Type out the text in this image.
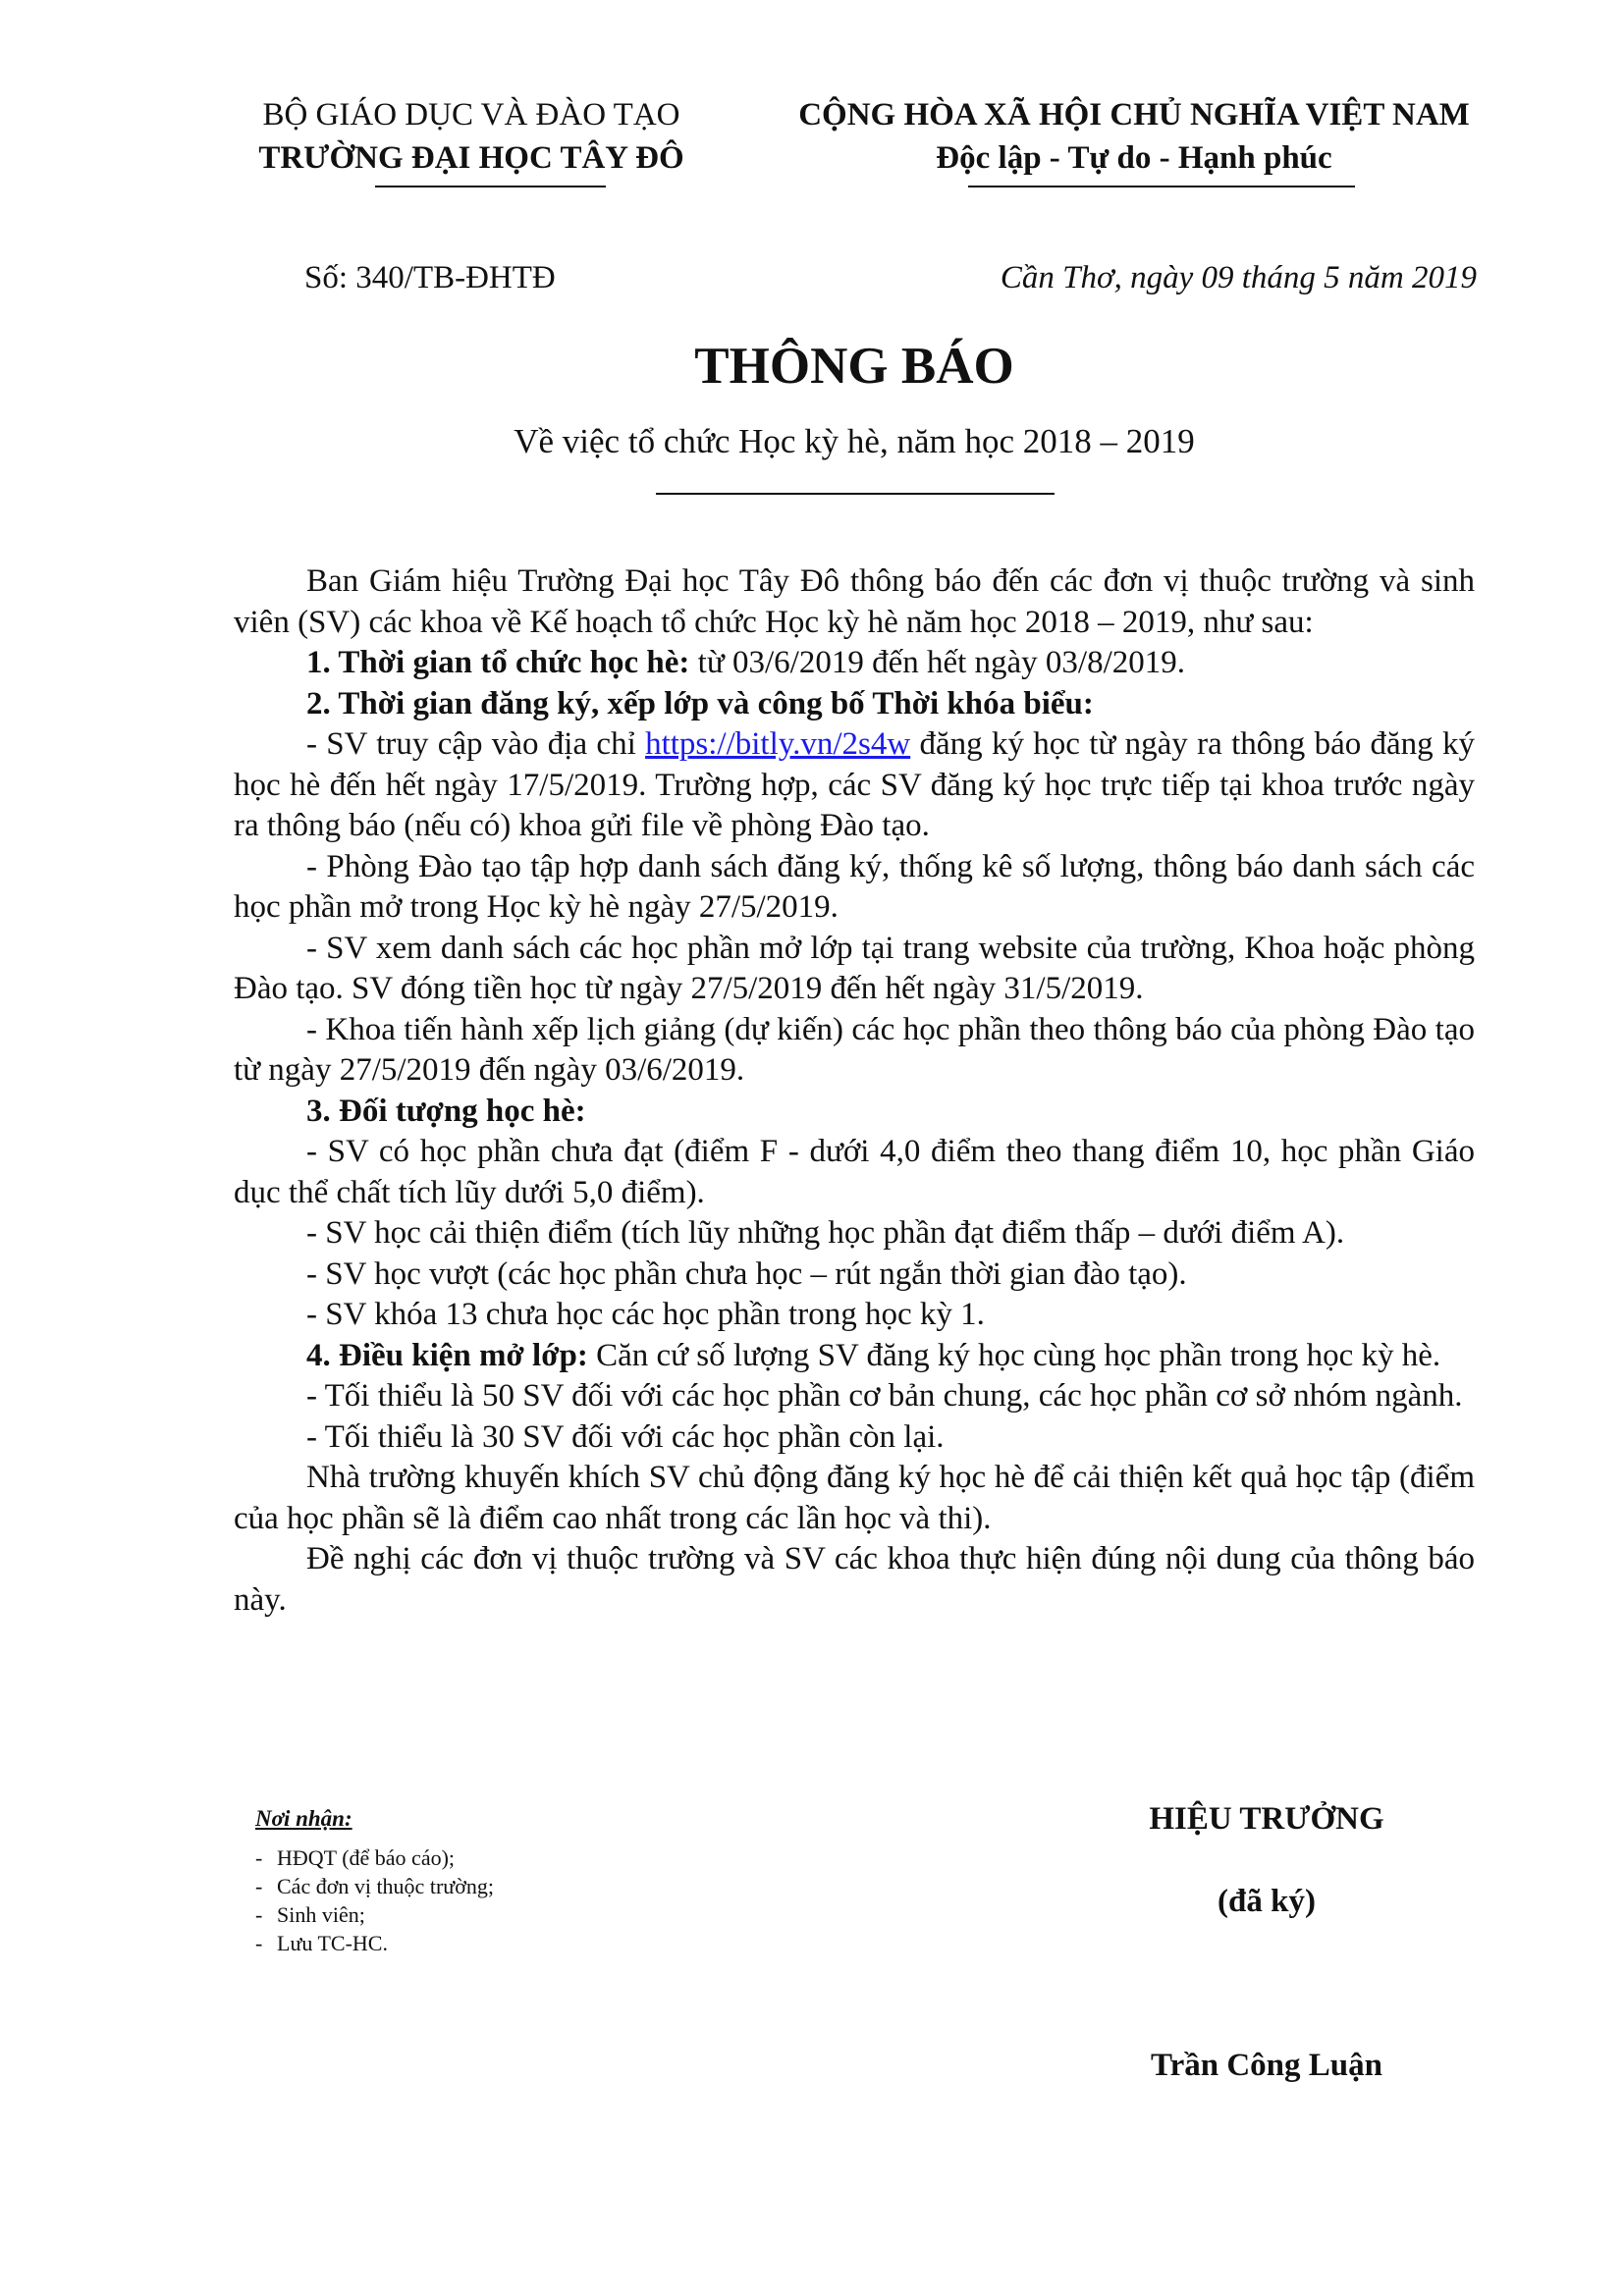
BỘ GIÁO DỤC VÀ ĐÀO TẠO
TRƯỜNG ĐẠI HỌC TÂY ĐÔ
CỘNG HÒA XÃ HỘI CHỦ NGHĨA VIỆT NAM
Độc lập - Tự do - Hạnh phúc
Số: 340/TB-ĐHTĐ	Cần Thơ, ngày 09 tháng 5 năm 2019
THÔNG BÁO
Về việc tổ chức Học kỳ hè, năm học 2018 – 2019

Ban Giám hiệu Trường Đại học Tây Đô thông báo đến các đơn vị thuộc trường và sinh viên (SV) các khoa về Kế hoạch tổ chức Học kỳ hè năm học 2018 – 2019, như sau:

1. Thời gian tổ chức học hè: từ 03/6/2019 đến hết ngày 03/8/2019.

2. Thời gian đăng ký, xếp lớp và công bố Thời khóa biểu:

- SV truy cập vào địa chỉ https://bitly.vn/2s4w đăng ký học từ ngày ra thông báo đăng ký học hè đến hết ngày 17/5/2019. Trường hợp, các SV đăng ký học trực tiếp tại khoa trước ngày ra thông báo (nếu có) khoa gửi file về phòng Đào tạo.

- Phòng Đào tạo tập hợp danh sách đăng ký, thống kê số lượng, thông báo danh sách các học phần mở trong Học kỳ hè ngày 27/5/2019.

- SV xem danh sách các học phần mở lớp tại trang website của trường, Khoa hoặc phòng Đào tạo. SV đóng tiền học từ ngày 27/5/2019 đến hết ngày 31/5/2019.

- Khoa tiến hành xếp lịch giảng (dự kiến) các học phần theo thông báo của phòng Đào tạo từ ngày 27/5/2019 đến ngày 03/6/2019.

3. Đối tượng học hè:

- SV có học phần chưa đạt (điểm F - dưới 4,0 điểm theo thang điểm 10, học phần Giáo dục thể chất tích lũy dưới 5,0 điểm).

- SV học cải thiện điểm (tích lũy những học phần đạt điểm thấp – dưới điểm A).

- SV học vượt (các học phần chưa học – rút ngắn thời gian đào tạo).

- SV khóa 13 chưa học các học phần trong học kỳ 1.

4. Điều kiện mở lớp: Căn cứ số lượng SV đăng ký học cùng học phần trong học kỳ hè.

- Tối thiểu là 50 SV đối với các học phần cơ bản chung, các học phần cơ sở nhóm ngành.

- Tối thiểu là 30 SV đối với các học phần còn lại.

Nhà trường khuyến khích SV chủ động đăng ký học hè để cải thiện kết quả học tập (điểm của học phần sẽ là điểm cao nhất trong các lần học và thi).

Đề nghị các đơn vị thuộc trường và SV các khoa thực hiện đúng nội dung của thông báo này.

Nơi nhận:
- HĐQT (để báo cáo);
- Các đơn vị thuộc trường;
- Sinh viên;
- Lưu TC-HC.
HIỆU TRƯỞNG
(đã ký)
Trần Công Luận
